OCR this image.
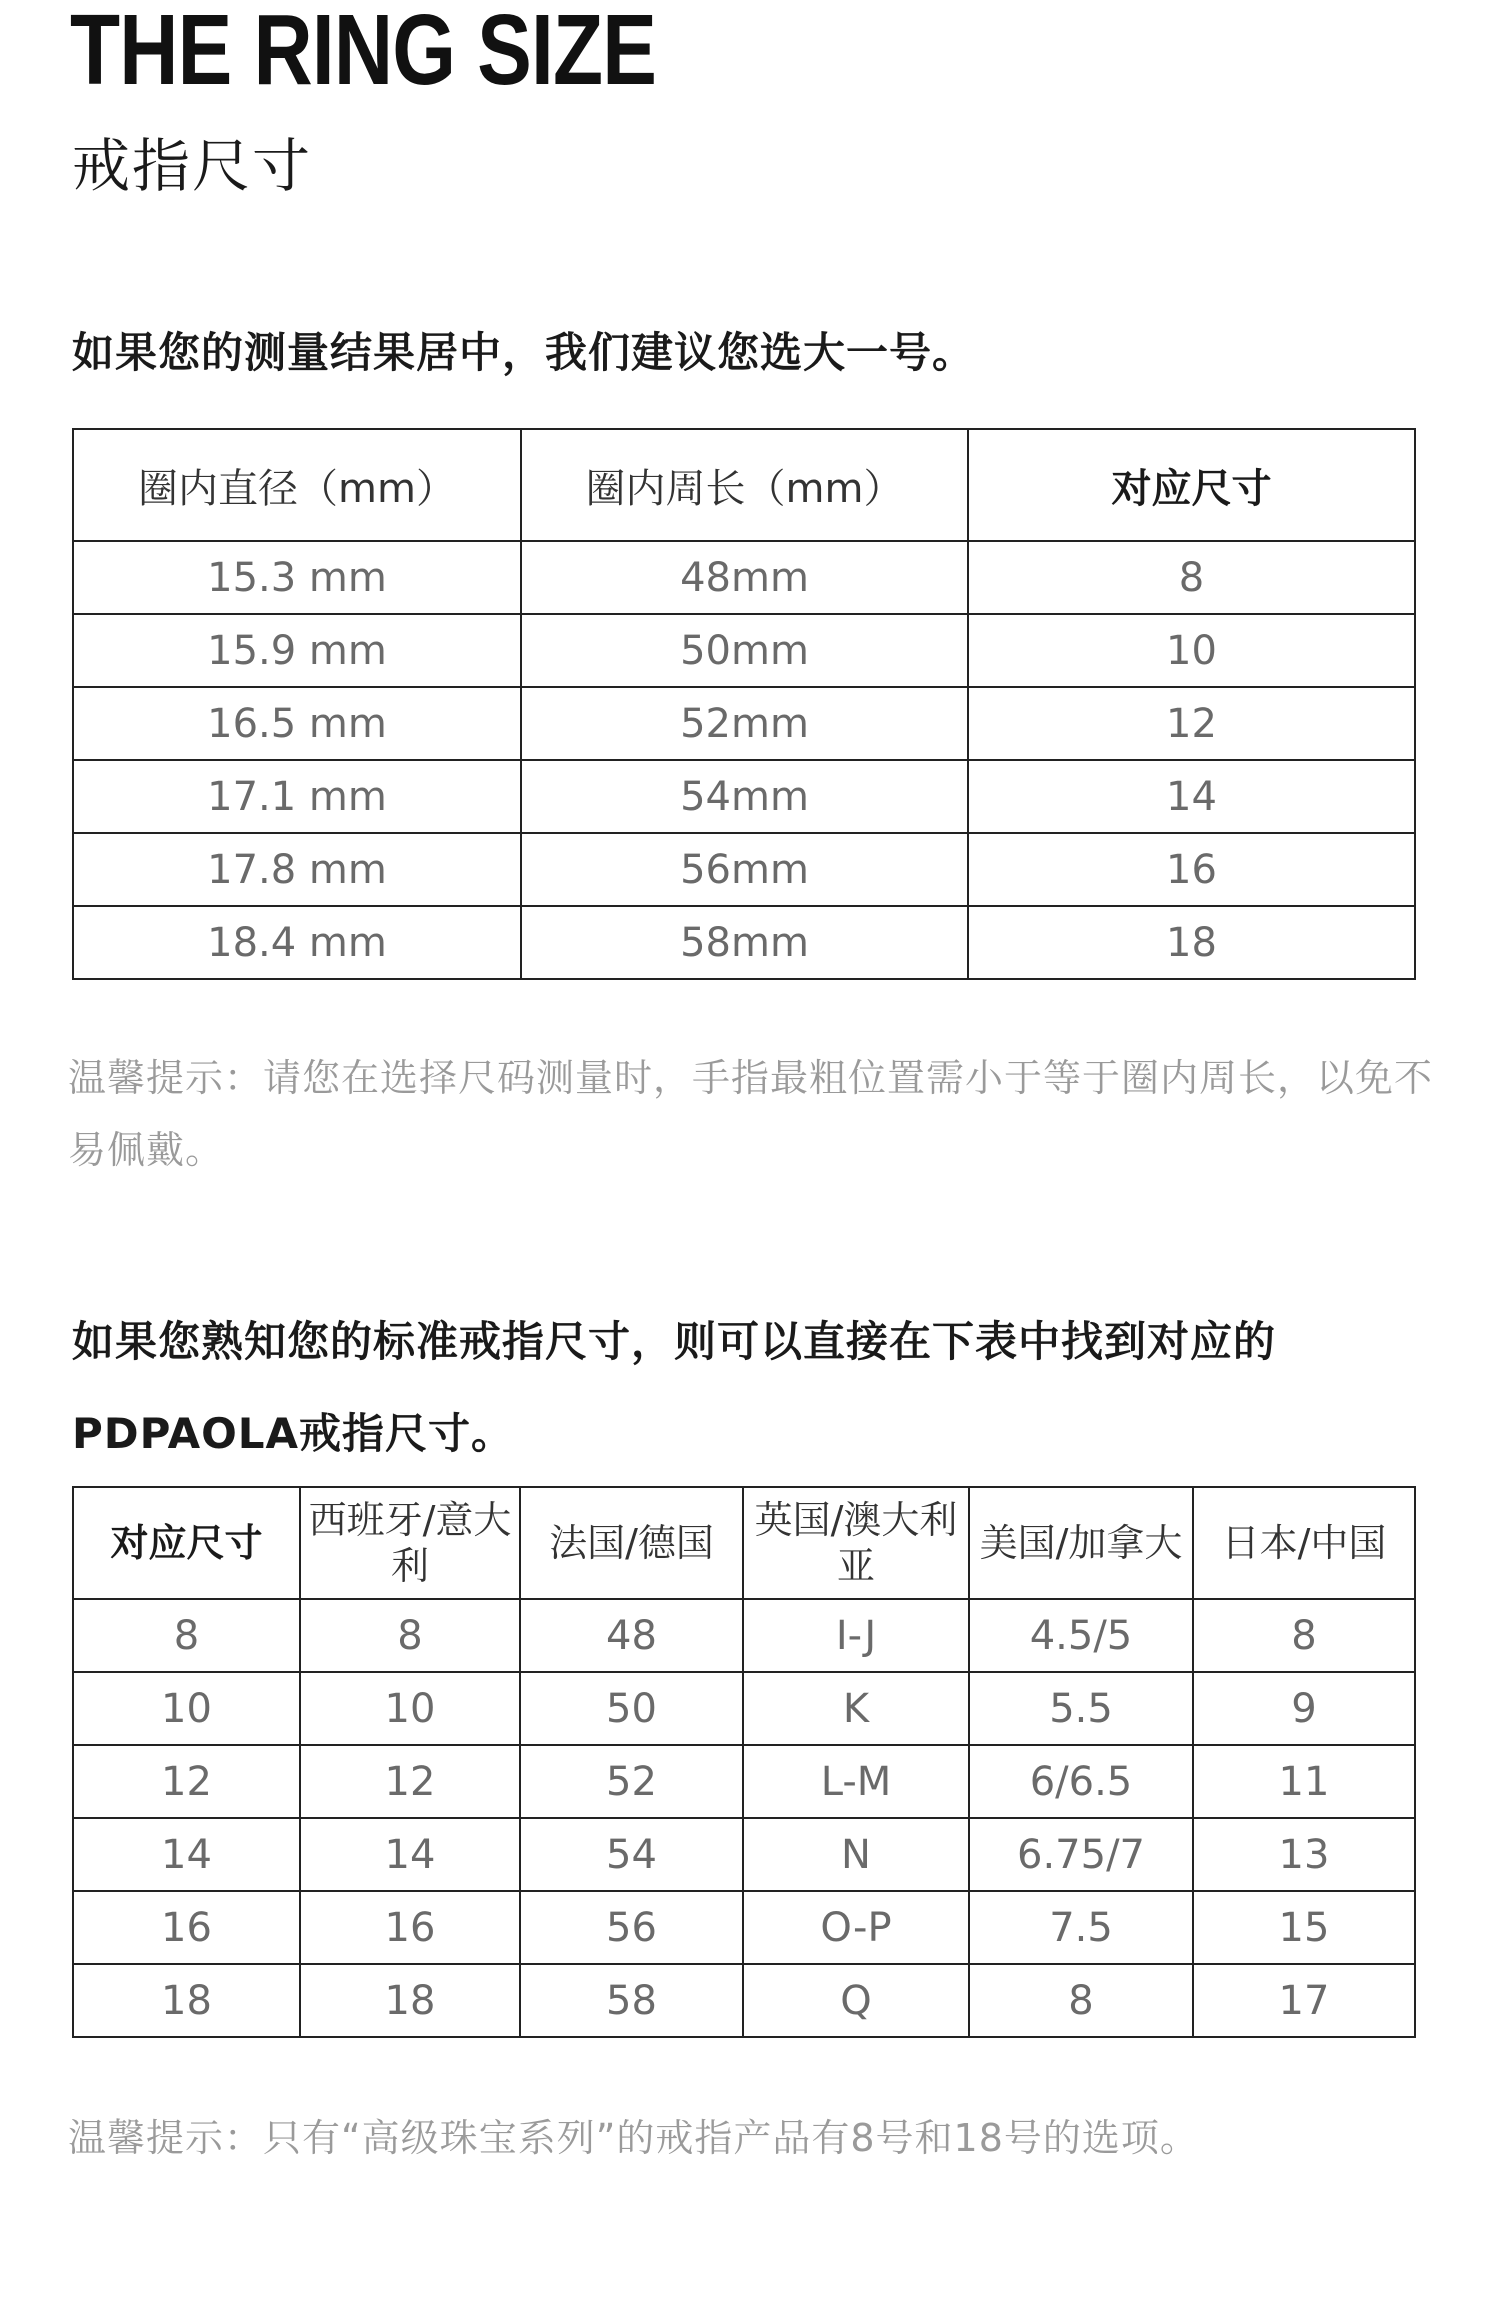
THE RING SIZE
戒指尺寸
如果您的测量结果居中，我们建议您选大一号。
圈内直径（mm）	圈内周长（mm）	对应尺寸
15.3 mm	48mm	8
15.9 mm	50mm	10
16.5 mm	52mm	12
17.1 mm	54mm	14
17.8 mm	56mm	16
18.4 mm	58mm	18
温馨提示：请您在选择尺码测量时，手指最粗位置需小于等于圈内周长，以免不易佩戴。
如果您熟知您的标准戒指尺寸，则可以直接在下表中找到对应的PDPAOLA戒指尺寸。
对应尺寸	西班牙/意大利	法国/德国	英国/澳大利亚	美国/加拿大	日本/中国
8	8	48	I-J	4.5/5	8
10	10	50	K	5.5	9
12	12	52	L-M	6/6.5	11
14	14	54	N	6.75/7	13
16	16	56	O-P	7.5	15
18	18	58	Q	8	17
温馨提示：只有“高级珠宝系列”的戒指产品有8号和18号的选项。
